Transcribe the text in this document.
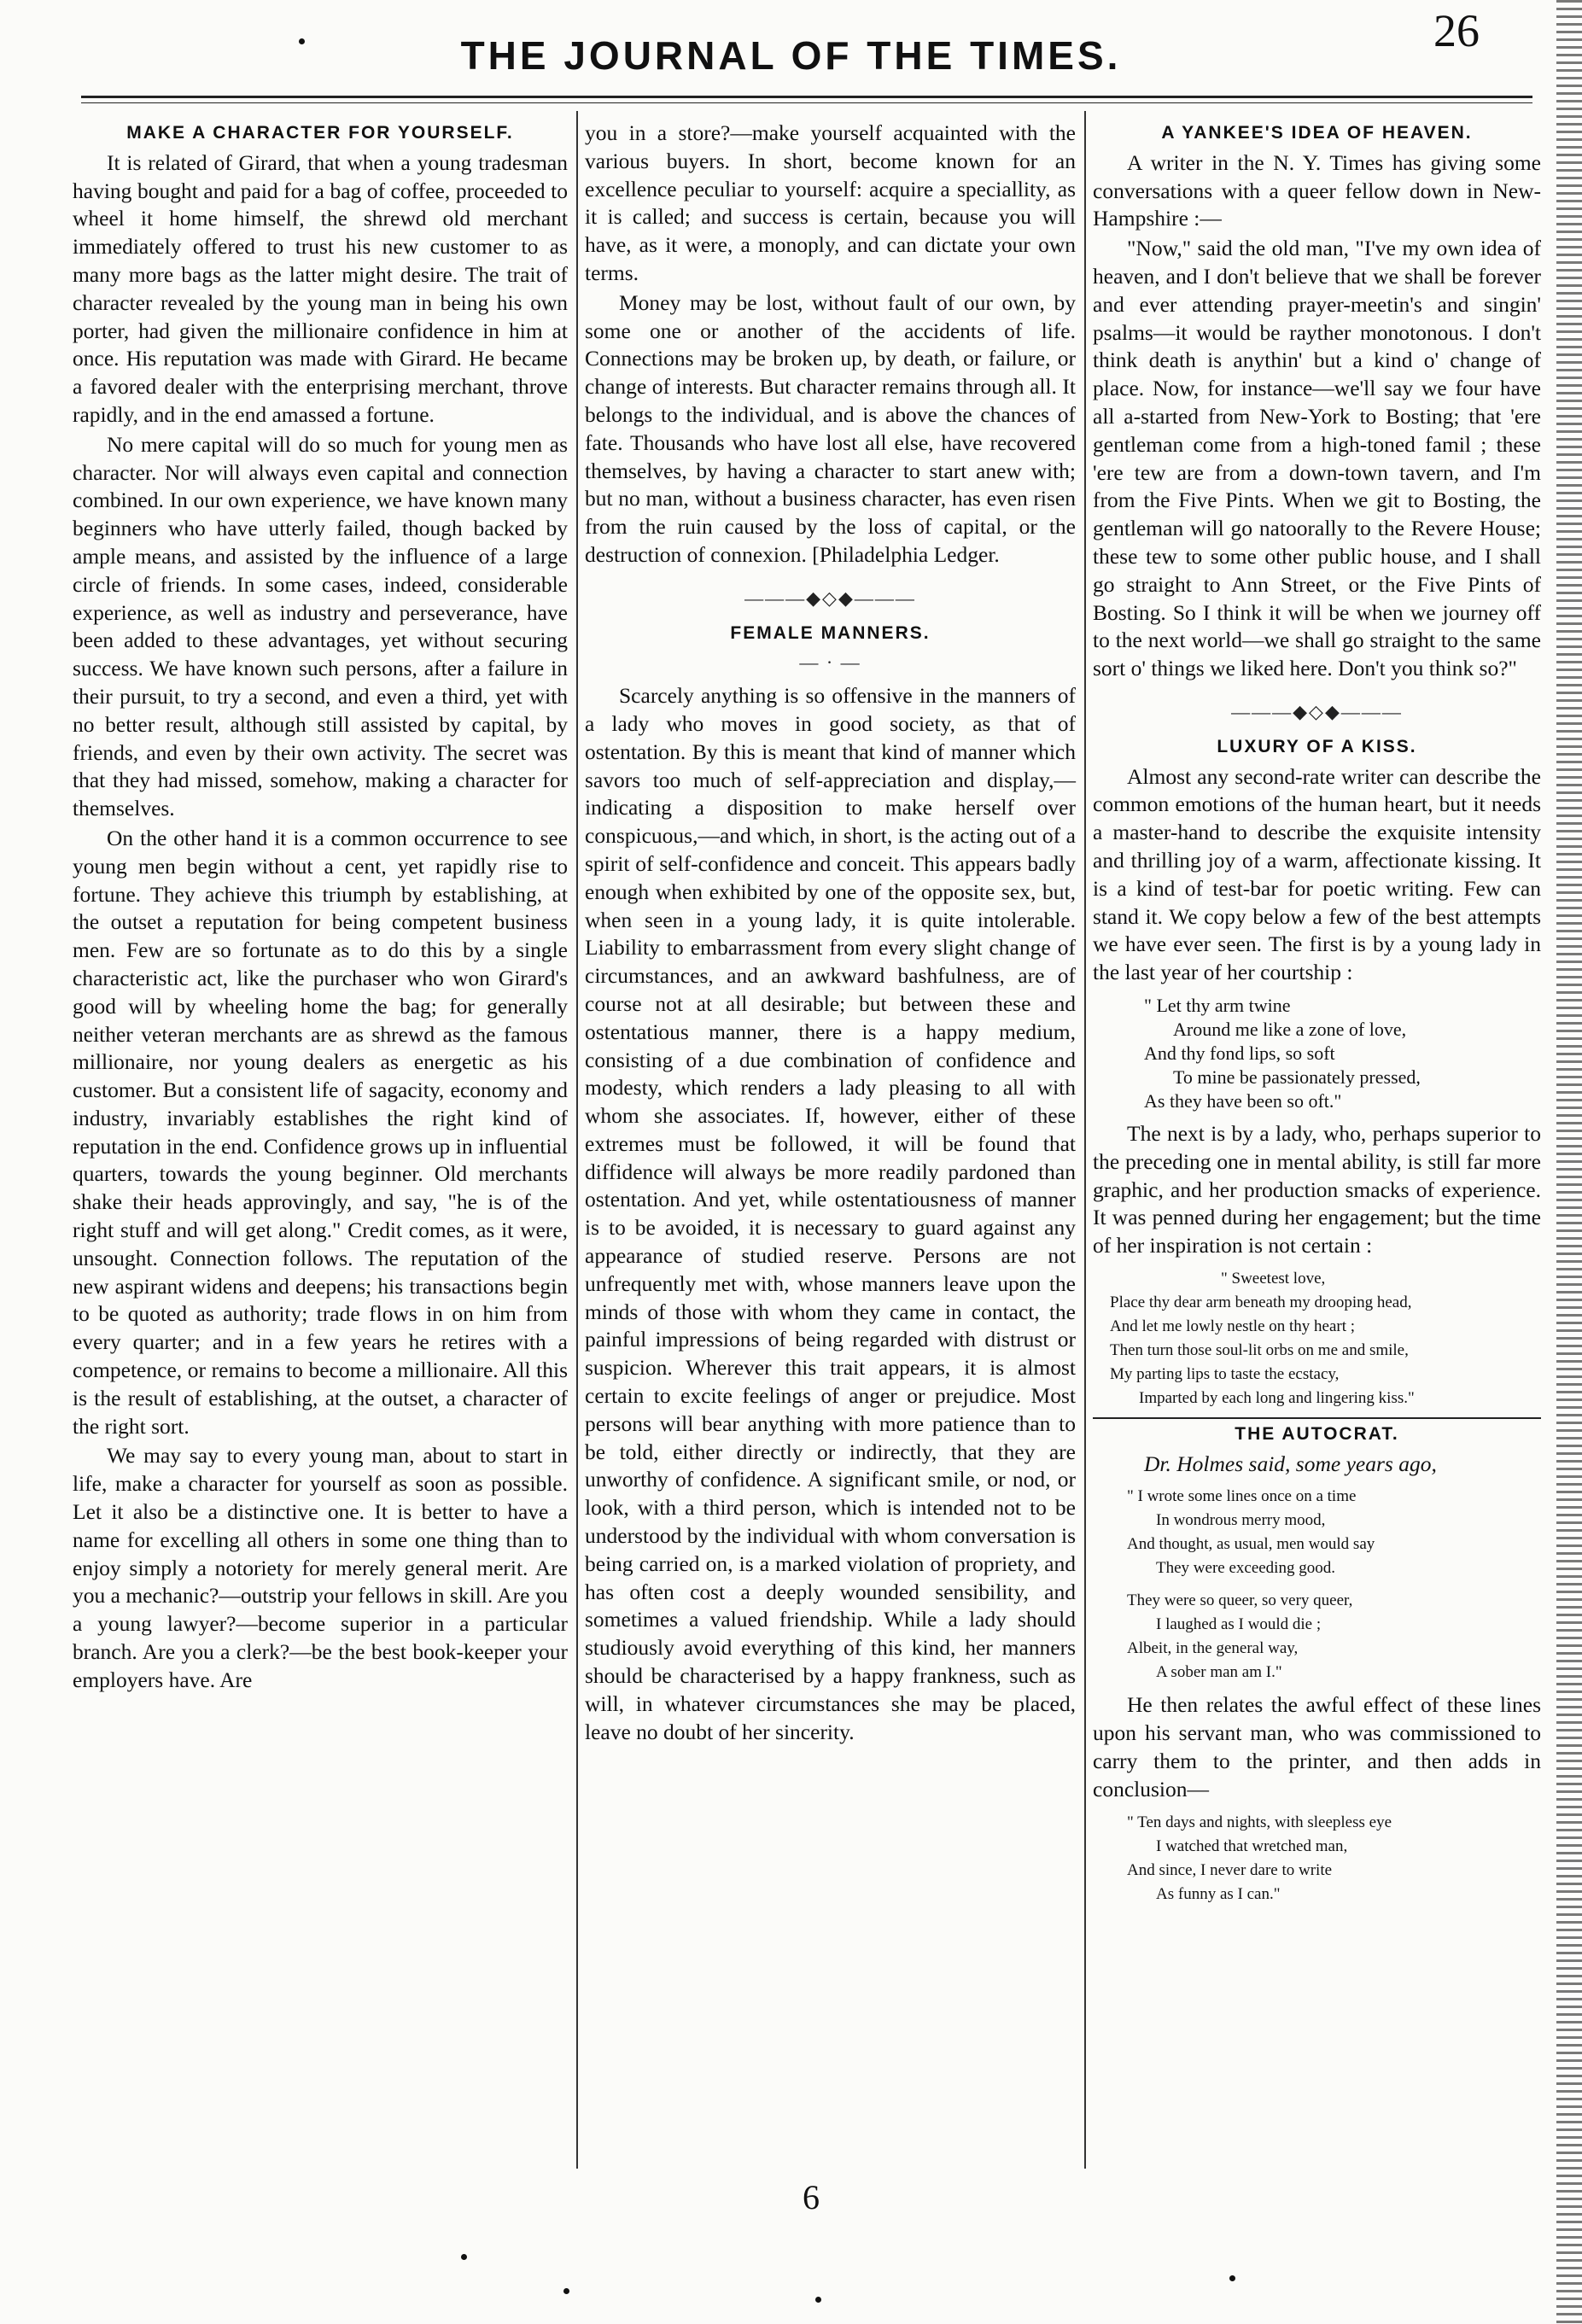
26
THE JOURNAL OF THE TIMES.

MAKE A CHARACTER FOR YOURSELF.

It is related of Girard, that when a young tradesman having bought and paid for a bag of coffee, proceeded to wheel it home himself, the shrewd old merchant immediately offered to trust his new customer to as many more bags as the latter might desire. The trait of character revealed by the young man in being his own porter, had given the millionaire confidence in him at once. His reputation was made with Girard. He became a favored dealer with the enterprising merchant, throve rapidly, and in the end amassed a fortune.

No mere capital will do so much for young men as character. Nor will always even capital and connection combined. In our own experience, we have known many beginners who have utterly failed, though backed by ample means, and assisted by the influence of a large circle of friends. In some cases, indeed, considerable experience, as well as industry and perseverance, have been added to these advantages, yet without securing success. We have known such persons, after a failure in their pursuit, to try a second, and even a third, yet with no better result, although still assisted by capital, by friends, and even by their own activity. The secret was that they had missed, somehow, making a character for themselves.

On the other hand it is a common occurrence to see young men begin without a cent, yet rapidly rise to fortune. They achieve this triumph by establishing, at the outset a reputation for being competent business men. Few are so fortunate as to do this by a single characteristic act, like the purchaser who won Girard's good will by wheeling home the bag; for generally neither veteran merchants are as shrewd as the famous millionaire, nor young dealers as energetic as his customer. But a consistent life of sagacity, economy and industry, invariably establishes the right kind of reputation in the end. Confidence grows up in influential quarters, towards the young beginner. Old merchants shake their heads approvingly, and say, "he is of the right stuff and will get along." Credit comes, as it were, unsought. Connection follows. The reputation of the new aspirant widens and deepens; his transactions begin to be quoted as authority; trade flows in on him from every quarter; and in a few years he retires with a competence, or remains to become a millionaire. All this is the result of establishing, at the outset, a character of the right sort.

We may say to every young man, about to start in life, make a character for yourself as soon as possible. Let it also be a distinctive one. It is better to have a name for excelling all others in some one thing than to enjoy simply a notoriety for merely general merit. Are you a mechanic?—outstrip your fellows in skill. Are you a young lawyer?—become superior in a particular branch. Are you a clerk?—be the best book-keeper your employers have. Are

you in a store?—make yourself acquainted with the various buyers. In short, become known for an excellence peculiar to yourself: acquire a speciallity, as it is called; and success is certain, because you will have, as it were, a monoply, and can dictate your own terms.

Money may be lost, without fault of our own, by some one or another of the accidents of life. Connections may be broken up, by death, or failure, or change of interests. But character remains through all. It belongs to the individual, and is above the chances of fate. Thousands who have lost all else, have recovered themselves, by having a character to start anew with; but no man, without a business character, has even risen from the ruin caused by the loss of capital, or the destruction of connexion. [Philadelphia Ledger.

———◆◇◆———

FEMALE MANNERS.

— · —

Scarcely anything is so offensive in the manners of a lady who moves in good society, as that of ostentation. By this is meant that kind of manner which savors too much of self-appreciation and display,—indicating a disposition to make herself over conspicuous,—and which, in short, is the acting out of a spirit of self-confidence and conceit. This appears badly enough when exhibited by one of the opposite sex, but, when seen in a young lady, it is quite intolerable. Liability to embarrassment from every slight change of circumstances, and an awkward bashfulness, are of course not at all desirable; but between these and ostentatious manner, there is a happy medium, consisting of a due combination of confidence and modesty, which renders a lady pleasing to all with whom she associates. If, however, either of these extremes must be followed, it will be found that diffidence will always be more readily pardoned than ostentation. And yet, while ostentatiousness of manner is to be avoided, it is necessary to guard against any appearance of studied reserve. Persons are not unfrequently met with, whose manners leave upon the minds of those with whom they came in contact, the painful impressions of being regarded with distrust or suspicion. Wherever this trait appears, it is almost certain to excite feelings of anger or prejudice. Most persons will bear anything with more patience than to be told, either directly or indirectly, that they are unworthy of confidence. A significant smile, or nod, or look, with a third person, which is intended not to be understood by the individual with whom conversation is being carried on, is a marked violation of propriety, and has often cost a deeply wounded sensibility, and sometimes a valued friendship. While a lady should studiously avoid everything of this kind, her manners should be characterised by a happy frankness, such as will, in whatever circumstances she may be placed, leave no doubt of her sincerity.

A YANKEE'S IDEA OF HEAVEN.

A writer in the N. Y. Times has giving some conversations with a queer fellow down in New-Hampshire :—

"Now," said the old man, "I've my own idea of heaven, and I don't believe that we shall be forever and ever attending prayer-meetin's and singin' psalms—it would be rayther monotonous. I don't think death is anythin' but a kind o' change of place. Now, for instance—we'll say we four have all a-started from New-York to Bosting; that 'ere gentleman come from a high-toned famil ; these 'ere tew are from a down-town tavern, and I'm from the Five Pints. When we git to Bosting, the gentleman will go natoorally to the Revere House; these tew to some other public house, and I shall go straight to Ann Street, or the Five Pints of Bosting. So I think it will be when we journey off to the next world—we shall go straight to the same sort o' things we liked here. Don't you think so?"

———◆◇◆———

LUXURY OF A KISS.

Almost any second-rate writer can describe the common emotions of the human heart, but it needs a master-hand to describe the exquisite intensity and thrilling joy of a warm, affectionate kissing. It is a kind of test-bar for poetic writing. Few can stand it. We copy below a few of the best attempts we have ever seen. The first is by a young lady in the last year of her courtship :

" Let thy arm twine
Around me like a zone of love,
And thy fond lips, so soft
To mine be passionately pressed,
As they have been so oft."

The next is by a lady, who, perhaps superior to the preceding one in mental ability, is still far more graphic, and her production smacks of experience. It was penned during her engagement; but the time of her inspiration is not certain :

" Sweetest love,
Place thy dear arm beneath my drooping head,
And let me lowly nestle on thy heart ;
Then turn those soul-lit orbs on me and smile,
My parting lips to taste the ecstacy,
Imparted by each long and lingering kiss."

THE AUTOCRAT.

Dr. Holmes said, some years ago,

" I wrote some lines once on a time
In wondrous merry mood,
And thought, as usual, men would say
They were exceeding good.
They were so queer, so very queer,
I laughed as I would die ;
Albeit, in the general way,
A sober man am I."

He then relates the awful effect of these lines upon his servant man, who was commissioned to carry them to the printer, and then adds in conclusion—

" Ten days and nights, with sleepless eye
I watched that wretched man,
And since, I never dare to write
As funny as I can."
6
